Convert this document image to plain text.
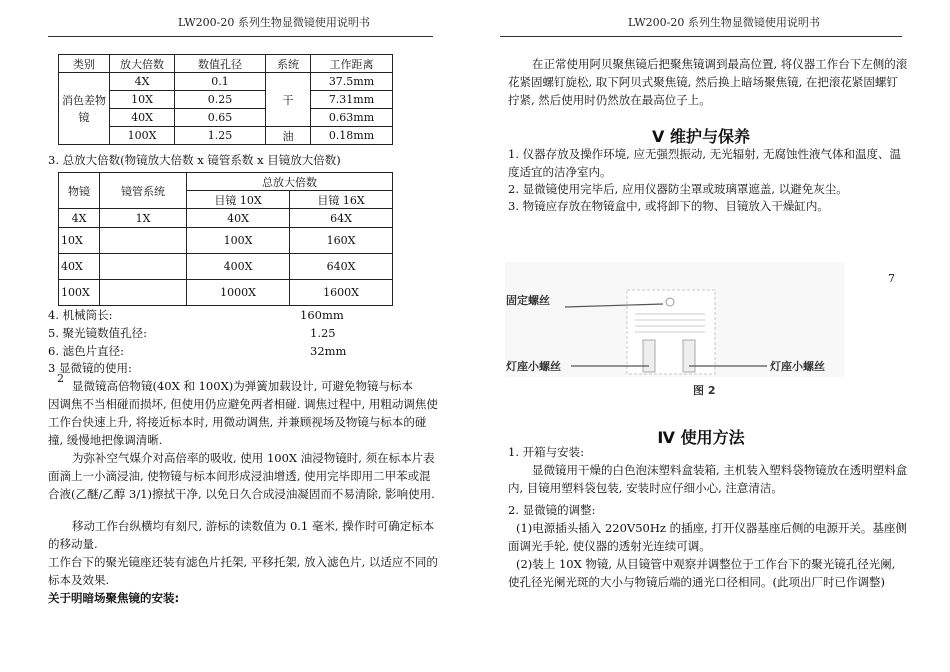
LW200-20 系列生物显微镜使用说明书	LW200-20 系列生物显微镜使用说明书
类别	放大倍数	数值孔径	系统	工作距离
消色差物 镜	4X	0.1	干	37.5mm
	10X	0.25		7.31mm
	40X	0.65		0.63mm
	100X	1.25	油	0.18mm
3. 总放大倍数(物镜放大倍数 x 镜管系数 x 目镜放大倍数)
物镜	镜管系统	总放大倍数	
		目镜 10X	目镜 16X
4X	1X	40X	64X
10X		100X	160X
40X		400X	640X
100X		1000X	1600X
4. 机械筒长:	160mm
5. 聚光镜数值孔径:	1.25
6. 滤色片直径:	32mm
3 显微镜的使用:
2
显微镜高倍物镜(40X 和 100X)为弹簧加载设计, 可避免物镜与标本
因调焦不当相碰而损坏, 但使用仍应避免两者相碰. 调焦过程中, 用粗动调焦使工作台快速上升, 将接近标本时, 用微动调焦, 并兼顾视场及物镜与标本的碰撞, 缓慢地把像调清晰.
为弥补空气媒介对高倍率的吸收, 使用 100X 油浸物镜时, 须在标本片表面滴上一小滴浸油, 使物镜与标本间形成浸油增透, 使用完毕即用二甲苯或混合液(乙醚/乙醇 3/1)擦拭干净, 以免日久合成浸油凝固而不易清除, 影响使用.
移动工作台纵横均有刻尺, 游标的读数值为 0.1 毫米, 操作时可确定标本的移动量.
工作台下的聚光镜座还装有滤色片托架, 平移托架, 放入滤色片, 以适应不同的标本及效果.
关于明暗场聚焦镜的安装:
在正常使用阿贝聚焦镜后把聚焦镜调到最高位置, 将仪器工作台下左侧的滚花紧固螺钉旋松, 取下阿贝式聚焦镜, 然后换上暗场聚焦镜, 在把滚花紧固螺钉拧紧, 然后使用时仍然放在最高位子上。
V 维护与保养
1. 仪器存放及操作环境, 应无强烈振动, 无光辐射, 无腐蚀性液气体和温度、温度适宜的洁净室内。
2. 显微镜使用完毕后, 应用仪器防尘罩或玻璃罩遮盖, 以避免灰尘。
3. 物镜应存放在物镜盒中, 或将卸下的物、目镜放入干燥缸内。
7
固定螺丝
灯座小螺丝	灯座小螺丝
图 2
Ⅳ 使用方法
1. 开箱与安装:
显微镜用干燥的白色泡沫塑料盒装箱, 主机装入塑料袋物镜放在透明塑料盒内, 目镜用塑料袋包装, 安装时应仔细小心, 注意清洁。
2. 显微镜的调整:
(1)电源插头插入 220V50Hz 的插座, 打开仪器基座后侧的电源开关。基座侧面调光手轮, 使仪器的透射光连续可调。
(2)装上 10X 物镜, 从目镜管中观察并调整位于工作台下的聚光镜孔径光阑, 使孔径光阑光斑的大小与物镜后端的通光口径相同。(此项出厂时已作调整)
